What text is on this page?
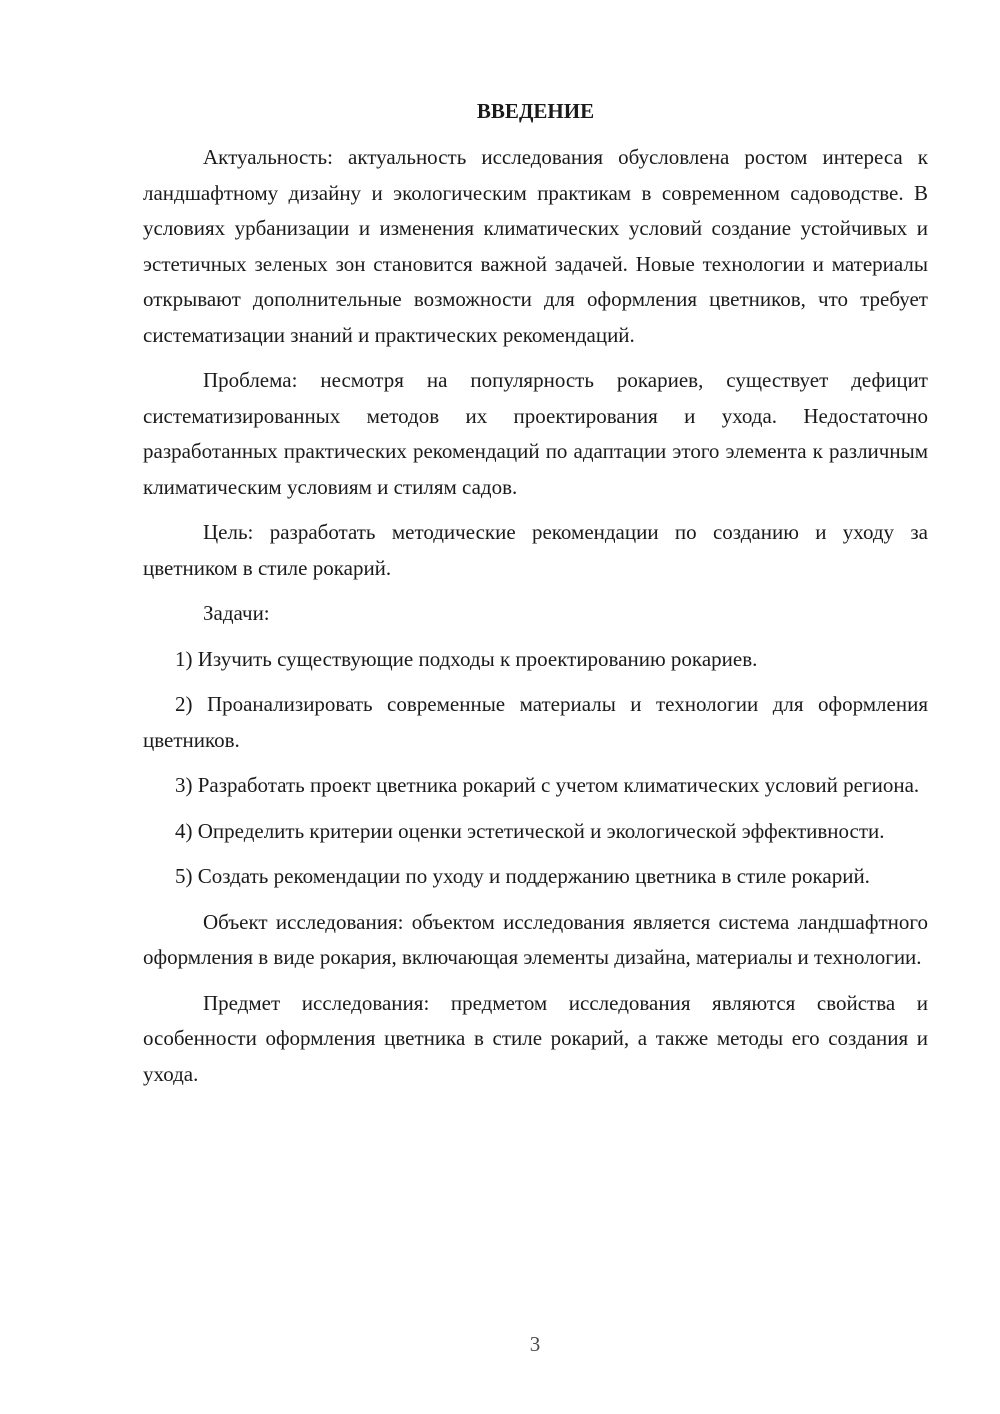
ВВЕДЕНИЕ

Актуальность: актуальность исследования обусловлена ростом интереса к ландшафтному дизайну и экологическим практикам в современном садоводстве. В условиях урбанизации и изменения климатических условий создание устойчивых и эстетичных зеленых зон становится важной задачей. Новые технологии и материалы открывают дополнительные возможности для оформления цветников, что требует систематизации знаний и практических рекомендаций.

Проблема: несмотря на популярность рокариев, существует дефицит систематизированных методов их проектирования и ухода. Недостаточно разработанных практических рекомендаций по адаптации этого элемента к различным климатическим условиям и стилям садов.

Цель: разработать методические рекомендации по созданию и уходу за цветником в стиле рокарий.

Задачи:

1) Изучить существующие подходы к проектированию рокариев.

2) Проанализировать современные материалы и технологии для оформления цветников.

3) Разработать проект цветника рокарий с учетом климатических условий региона.

4) Определить критерии оценки эстетической и экологической эффективности.

5) Создать рекомендации по уходу и поддержанию цветника в стиле рокарий.

Объект исследования: объектом исследования является система ландшафтного оформления в виде рокария, включающая элементы дизайна, материалы и технологии.

Предмет исследования: предметом исследования являются свойства и особенности оформления цветника в стиле рокарий, а также методы его создания и ухода.

3
